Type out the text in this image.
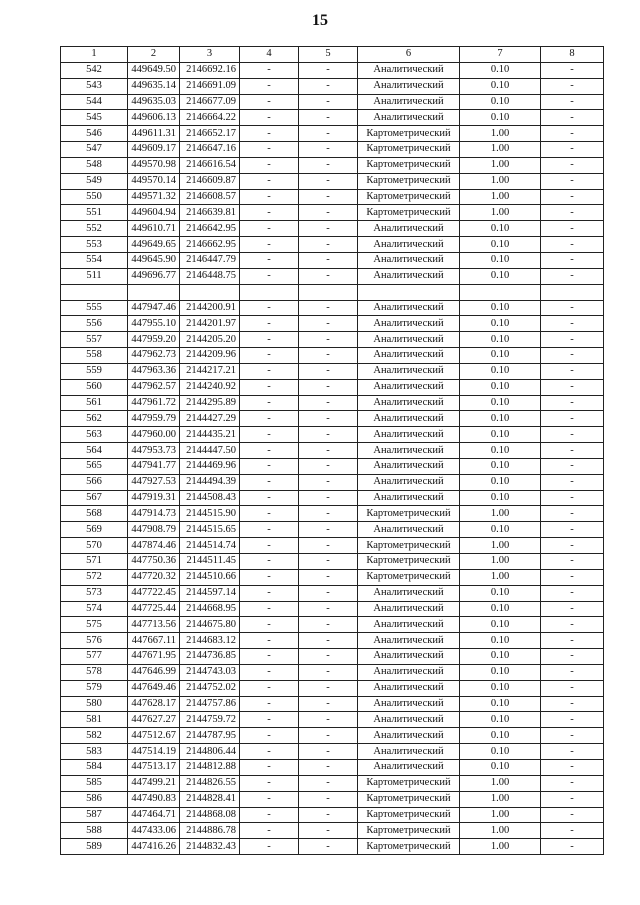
15
1	2	3	4	5	6	7	8
542	449649.50	2146692.16	-	-	Аналитический	0.10	-
543	449635.14	2146691.09	-	-	Аналитический	0.10	-
544	449635.03	2146677.09	-	-	Аналитический	0.10	-
545	449606.13	2146664.22	-	-	Аналитический	0.10	-
546	449611.31	2146652.17	-	-	Картометрический	1.00	-
547	449609.17	2146647.16	-	-	Картометрический	1.00	-
548	449570.98	2146616.54	-	-	Картометрический	1.00	-
549	449570.14	2146609.87	-	-	Картометрический	1.00	-
550	449571.32	2146608.57	-	-	Картометрический	1.00	-
551	449604.94	2146639.81	-	-	Картометрический	1.00	-
552	449610.71	2146642.95	-	-	Аналитический	0.10	-
553	449649.65	2146662.95	-	-	Аналитический	0.10	-
554	449645.90	2146447.79	-	-	Аналитический	0.10	-
511	449696.77	2146448.75	-	-	Аналитический	0.10	-

555	447947.46	2144200.91	-	-	Аналитический	0.10	-
556	447955.10	2144201.97	-	-	Аналитический	0.10	-
557	447959.20	2144205.20	-	-	Аналитический	0.10	-
558	447962.73	2144209.96	-	-	Аналитический	0.10	-
559	447963.36	2144217.21	-	-	Аналитический	0.10	-
560	447962.57	2144240.92	-	-	Аналитический	0.10	-
561	447961.72	2144295.89	-	-	Аналитический	0.10	-
562	447959.79	2144427.29	-	-	Аналитический	0.10	-
563	447960.00	2144435.21	-	-	Аналитический	0.10	-
564	447953.73	2144447.50	-	-	Аналитический	0.10	-
565	447941.77	2144469.96	-	-	Аналитический	0.10	-
566	447927.53	2144494.39	-	-	Аналитический	0.10	-
567	447919.31	2144508.43	-	-	Аналитический	0.10	-
568	447914.73	2144515.90	-	-	Картометрический	1.00	-
569	447908.79	2144515.65	-	-	Аналитический	0.10	-
570	447874.46	2144514.74	-	-	Картометрический	1.00	-
571	447750.36	2144511.45	-	-	Картометрический	1.00	-
572	447720.32	2144510.66	-	-	Картометрический	1.00	-
573	447722.45	2144597.14	-	-	Аналитический	0.10	-
574	447725.44	2144668.95	-	-	Аналитический	0.10	-
575	447713.56	2144675.80	-	-	Аналитический	0.10	-
576	447667.11	2144683.12	-	-	Аналитический	0.10	-
577	447671.95	2144736.85	-	-	Аналитический	0.10	-
578	447646.99	2144743.03	-	-	Аналитический	0.10	-
579	447649.46	2144752.02	-	-	Аналитический	0.10	-
580	447628.17	2144757.86	-	-	Аналитический	0.10	-
581	447627.27	2144759.72	-	-	Аналитический	0.10	-
582	447512.67	2144787.95	-	-	Аналитический	0.10	-
583	447514.19	2144806.44	-	-	Аналитический	0.10	-
584	447513.17	2144812.88	-	-	Аналитический	0.10	-
585	447499.21	2144826.55	-	-	Картометрический	1.00	-
586	447490.83	2144828.41	-	-	Картометрический	1.00	-
587	447464.71	2144868.08	-	-	Картометрический	1.00	-
588	447433.06	2144886.78	-	-	Картометрический	1.00	-
589	447416.26	2144832.43	-	-	Картометрический	1.00	-
